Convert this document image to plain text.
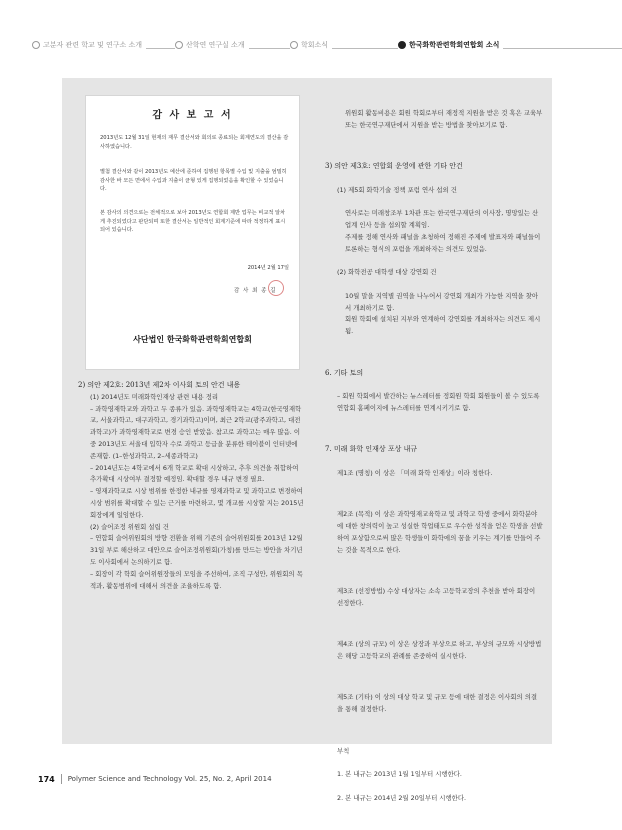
고분자 관련 학교 및 연구소 소개	산학연 연구실 소개	학회소식	한국화학관련학회연합회 소식
감 사 보 고 서

2013년도 12월 31일 현재의 재무 결산서와 회의로 종료되는 회계연도의 결산을 감사하였습니다.

별첨 결산서와 같이 2013년도 예산에 준하여 집행된 항목별 수입 및 지출을 엄밀히 감사한 바 모든 면에서 수입과 지출이 균형 있게 집행되었음을 확인할 수 있었습니다.

본 감사의 의견으로는 전체적으로 보아 2013년도 연합회 제반 업무는 비교적 알차게 추진되었다고 판단되며 또한 결산서는 일반적인 회계기준에 따라 적정하게 표시되어 있습니다.

2014년 2월 17일
감 사 최 종 길
사단법인 한국화학관련학회연합회

2) 의안 제2호: 2013년 제2차 이사회 토의 안건 내용

(1) 2014년도 미래화학인재상 관련 내용 정리

– 과학영재학교와 과학고 두 종류가 있음. 과학영재학교는 4학교(한국영재학교, 서울과학고, 대구과학고, 경기과학고)이며, 최근 2학교(광주과학고, 대전과학고)가 과학영재학교로 변경 승인 받았음. 참고로 과학고는 매우 많음. 이중 2013년도 서울대 입학자 수로 과학고 등급을 분류한 테이블이 인터넷에 존재함. (1–한성과학고, 2–세종과학고)

– 2014년도는 4학교에서 6개 학교로 확대 시상하고, 추후 의견을 취합하여 추가확대 시상여부 결정할 예정임. 확대할 경우 내규 변경 필요.

– 영재과학교로 시상 범위를 한정한 내규를 영재과학교 및 과학고로 변경하여 시상 범위를 확대할 수 있는 근거를 마련하고, 몇 개교를 시상할 지는 2015년 회장에게 일임한다.

(2) 슬어조정 위원회 설립 건

– 연합회 슬어위원회의 방향 전환을 위해 기존의 슬어위원회를 2013년 12월 31일 부로 해산하고 대안으로 슬어조정위원회(가칭)를 만드는 방안을 차기년도 이사회에서 논의하기로 함.

– 회장이 각 학회 슬어위원장들의 모임을 주선하여, 조직 구성안, 위원회의 목적과, 활동범위에 대해서 의견을 조율하도록 함.

위원회 활동비용은 회원 학회로부터 재정적 지원을 받은 것 혹은 교육부 또는 한국연구재단에서 지원을 받는 방법을 찾아보기로 함.

3) 의안 제3호: 연합회 운영에 관한 기타 안건

(1) 제5회 화학기술 정책 포럼 연사 섭외 건

연사로는 미래창조부 1차관 또는 한국연구재단의 이사장, 명망있는 산업계 인사 등을 섭외할 계획임.
주제를 정해 연사와 패널을 초청하여 정해진 주제에 발표자와 패널들이 토론하는 형식의 포럼을 개최하자는 의견도 있었음.

(2) 화학전공 대학생 대상 강연회 건

10월 말을 지역별 권역을 나누어서 강연회 개최가 가능한 지역을 찾아서 개최하기로 함.
회원 학회에 설치된 지부와 연계하여 강연회를 개최하자는 의견도 제시 됨.

6. 기타 토의

– 회원 학회에서 발간하는 뉴스레터를 정회원 학회 회원들이 볼 수 있도록 연합회 홈페이지에 뉴스레터를 연계시키기로 함.

7. 미래 화학 인재상 포상 내규

제1조 (명칭) 이 상은 「미래 화학 인재상」이라 칭한다.

제2조 (목적) 이 상은 과학영재교육학교 및 과학고 학생 중에서 화학분야에 대한 창의력이 높고 성실한 학업태도로 우수한 성적을 얻은 학생을 선발하여 포상함으로써 많은 학생들이 화학에의 꿈을 키우는 계기를 만들어 주는 것을 목적으로 한다.

제3조 (선정방법) 수상 대상자는 소속 고등학교장의 추천을 받아 회장이 선정한다.

제4조 (상의 규모) 이 상은 상장과 부상으로 하고, 부상의 규모와 시상방법은 해당 고등학교의 관례를 존중하여 실시한다.

제5조 (기타) 이 상의 대상 학교 및 규모 등에 대한 결정은 이사회의 의결을 통해 결정한다.

부칙

1. 본 내규는 2013년 1월 1일부터 시행한다.

2. 본 내규는 2014년 2월 20일부터 시행한다.

174 Polymer Science and Technology Vol. 25, No. 2, April 2014
